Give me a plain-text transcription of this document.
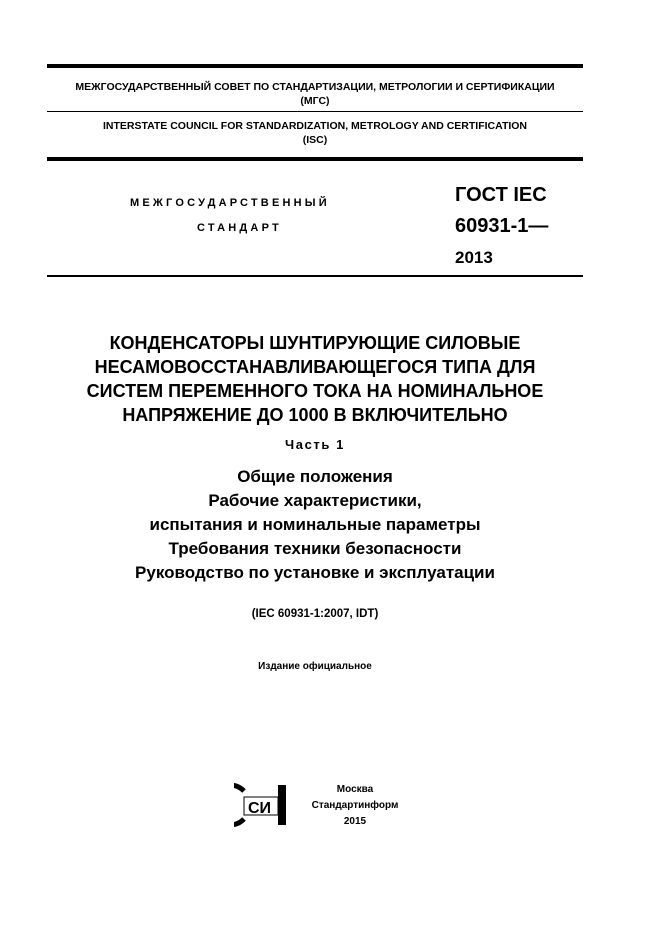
МЕЖГОСУДАРСТВЕННЫЙ СОВЕТ ПО СТАНДАРТИЗАЦИИ, МЕТРОЛОГИИ И СЕРТИФИКАЦИИ
(МГС)
INTERSTATE COUNCIL FOR STANDARDIZATION, METROLOGY AND CERTIFICATION
(ISC)
МЕЖГОСУДАРСТВЕННЫЙ
СТАНДАРТ
ГОСТ IEC
60931-1—
2013
КОНДЕНСАТОРЫ ШУНТИРУЮЩИЕ СИЛОВЫЕ
НЕСАМОВОССТАНАВЛИВАЮЩЕГОСЯ ТИПА ДЛЯ
СИСТЕМ ПЕРЕМЕННОГО ТОКА НА НОМИНАЛЬНОЕ
НАПРЯЖЕНИЕ ДО 1000 В ВКЛЮЧИТЕЛЬНО
Часть 1
Общие положения
Рабочие характеристики,
испытания и номинальные параметры
Требования техники безопасности
Руководство по установке и эксплуатации
(IEC 60931-1:2007, IDT)
Издание официальное
СИ
Москва
Стандартинформ
2015
